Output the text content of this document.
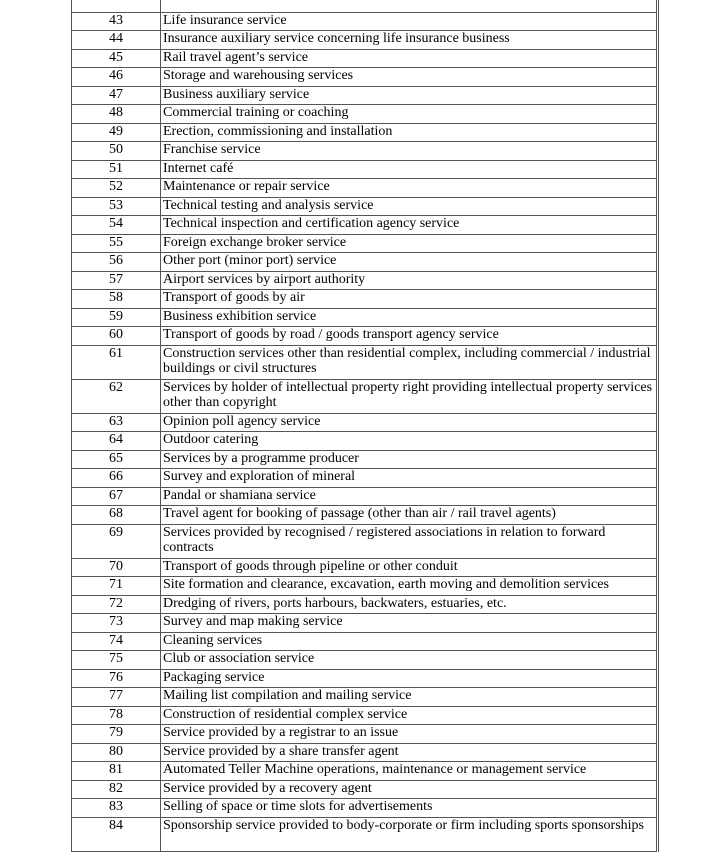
43	Life insurance service
44	Insurance auxiliary service concerning life insurance business
45	Rail travel agent’s service
46	Storage and warehousing services
47	Business auxiliary service
48	Commercial training or coaching
49	Erection, commissioning and installation
50	Franchise service
51	Internet café
52	Maintenance or repair service
53	Technical testing and analysis service
54	Technical inspection and certification agency service
55	Foreign exchange broker service
56	Other port (minor port) service
57	Airport services by airport authority
58	Transport of goods by air
59	Business exhibition service
60	Transport of goods by road / goods transport agency service
61	Construction services other than residential complex, including commercial / industrial buildings or civil structures
62	Services by holder of intellectual property right providing intellectual property services other than copyright
63	Opinion poll agency service
64	Outdoor catering
65	Services by a programme producer
66	Survey and exploration of mineral
67	Pandal or shamiana service
68	Travel agent for booking of passage (other than air / rail travel agents)
69	Services provided by recognised / registered associations in relation to forward contracts
70	Transport of goods through pipeline or other conduit
71	Site formation and clearance, excavation, earth moving and demolition services
72	Dredging of rivers, ports harbours, backwaters, estuaries, etc.
73	Survey and map making service
74	Cleaning services
75	Club or association service
76	Packaging service
77	Mailing list compilation and mailing service
78	Construction of residential complex service
79	Service provided by a registrar to an issue
80	Service provided by a share transfer agent
81	Automated Teller Machine operations, maintenance or management service
82	Service provided by a recovery agent
83	Selling of space or time slots for advertisements
84	Sponsorship service provided to body-corporate or firm including sports sponsorships
